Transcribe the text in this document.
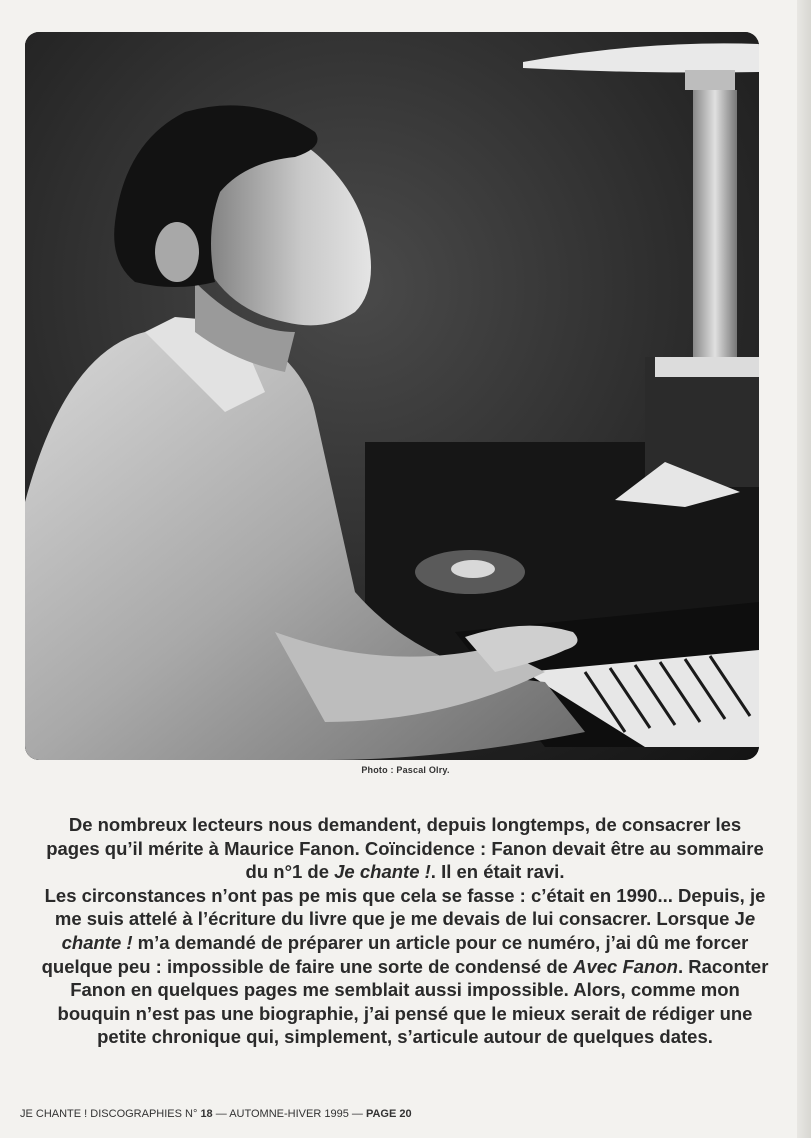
Photo : Pascal Olry.

De nombreux lecteurs nous demandent, depuis longtemps, de consacrer les pages qu’il mérite à Maurice Fanon. Coïncidence : Fanon devait être au sommaire du n°1 de Je chante !. Il en était ravi.

Les circonstances n’ont pas pe mis que cela se fasse : c’était en 1990... Depuis, je me suis attelé à l’écriture du livre que je me devais de lui consacrer. Lorsque Je chante ! m’a demandé de préparer un article pour ce numéro, j’ai dû me forcer quelque peu : impossible de faire une sorte de condensé de Avec Fanon. Raconter Fanon en quelques pages me semblait aussi impossible. Alors, comme mon bouquin n’est pas une biographie, j’ai pensé que le mieux serait de rédiger une petite chronique qui, simplement, s’articule autour de quelques dates.

JE CHANTE ! DISCOGRAPHIES N° 18 — AUTOMNE-HIVER 1995 — PAGE 20
